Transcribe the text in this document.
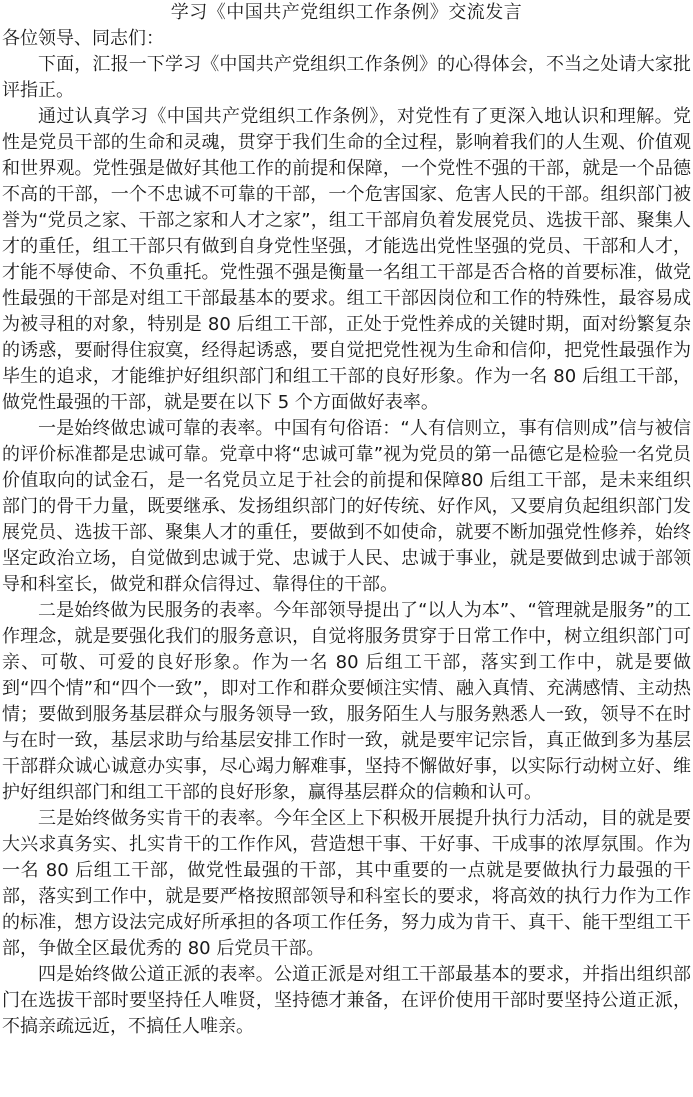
学习《中国共产党组织工作条例》交流发言

各位领导、同志们：

下面，汇报一下学习《中国共产党组织工作条例》的心得体会，不当之处请大家批评指正。

通过认真学习《中国共产党组织工作条例》，对党性有了更深入地认识和理解。党性是党员干部的生命和灵魂，贯穿于我们生命的全过程，影响着我们的人生观、价值观和世界观。党性强是做好其他工作的前提和保障，一个党性不强的干部，就是一个品德不高的干部，一个不忠诚不可靠的干部，一个危害国家、危害人民的干部。组织部门被誉为“党员之家、干部之家和人才之家”，组工干部肩负着发展党员、选拔干部、聚集人才的重任，组工干部只有做到自身党性坚强，才能选出党性坚强的党员、干部和人才，才能不辱使命、不负重托。党性强不强是衡量一名组工干部是否合格的首要标准，做党性最强的干部是对组工干部最基本的要求。组工干部因岗位和工作的特殊性，最容易成为被寻租的对象，特别是 80 后组工干部，正处于党性养成的关键时期，面对纷繁复杂的诱惑，要耐得住寂寞，经得起诱惑，要自觉把党性视为生命和信仰，把党性最强作为毕生的追求，才能维护好组织部门和组工干部的良好形象。作为一名 80 后组工干部，做党性最强的干部，就是要在以下 5 个方面做好表率。

一是始终做忠诚可靠的表率。中国有句俗语：“人有信则立，事有信则成”信与被信的评价标准都是忠诚可靠。党章中将“忠诚可靠”视为党员的第一品德它是检验一名党员价值取向的试金石，是一名党员立足于社会的前提和保障80 后组工干部，是未来组织部门的骨干力量，既要继承、发扬组织部门的好传统、好作风，又要肩负起组织部门发展党员、选拔干部、聚集人才的重任，要做到不如使命，就要不断加强党性修养，始终坚定政治立场，自觉做到忠诚于党、忠诚于人民、忠诚于事业，就是要做到忠诚于部领导和科室长，做党和群众信得过、靠得住的干部。

二是始终做为民服务的表率。今年部领导提出了“以人为本”、“管理就是服务”的工作理念，就是要强化我们的服务意识，自觉将服务贯穿于日常工作中，树立组织部门可亲、可敬、可爱的良好形象。作为一名 80 后组工干部，落实到工作中，就是要做到“四个情”和“四个一致”，即对工作和群众要倾注实情、融入真情、充满感情、主动热情；要做到服务基层群众与服务领导一致，服务陌生人与服务熟悉人一致，领导不在时与在时一致，基层求助与给基层安排工作时一致，就是要牢记宗旨，真正做到多为基层干部群众诚心诚意办实事，尽心竭力解难事，坚持不懈做好事，以实际行动树立好、维护好组织部门和组工干部的良好形象，赢得基层群众的信赖和认可。

三是始终做务实肯干的表率。今年全区上下积极开展提升执行力活动，目的就是要大兴求真务实、扎实肯干的工作作风，营造想干事、干好事、干成事的浓厚氛围。作为一名 80 后组工干部，做党性最强的干部，其中重要的一点就是要做执行力最强的干部，落实到工作中，就是要严格按照部领导和科室长的要求，将高效的执行力作为工作的标准，想方设法完成好所承担的各项工作任务，努力成为肯干、真干、能干型组工干部，争做全区最优秀的 80 后党员干部。

四是始终做公道正派的表率。公道正派是对组工干部最基本的要求，并指出组织部门在选拔干部时要坚持任人唯贤，坚持德才兼备，在评价使用干部时要坚持公道正派，不搞亲疏远近，不搞任人唯亲。
